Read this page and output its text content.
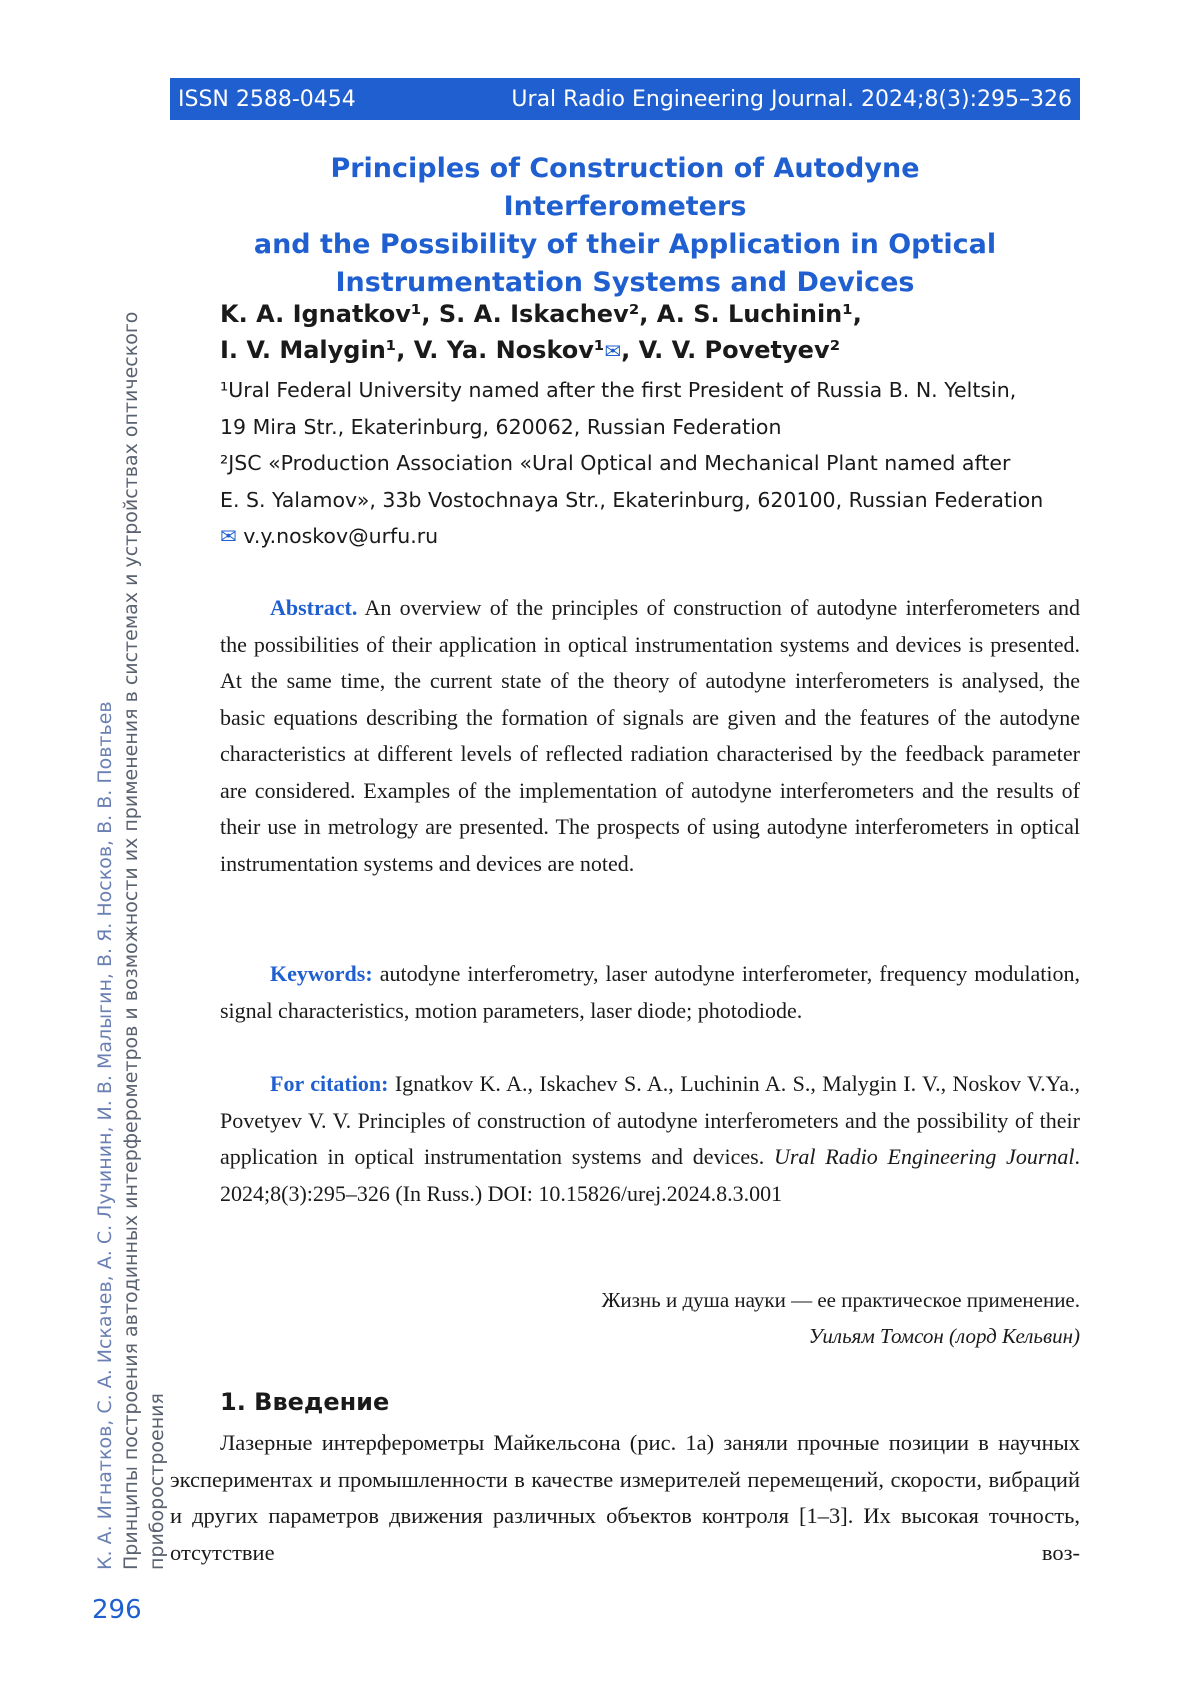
ISSN 2588-0454	Ural Radio Engineering Journal. 2024;8(3):295–326
К. А. Игнатков, С. А. Искачев, А. С. Лучинин, И. В. Малыгин, В. Я. Носков, В. В. Повтьев Принципы построения автодинных интерферометров и возможности их применения в системах и устройствах оптического приборостроения
296
Principles of Construction of Autodyne Interferometers
and the Possibility of their Application in Optical
Instrumentation Systems and Devices
K. A. Ignatkov¹, S. A. Iskachev², A. S. Luchinin¹,
I. V. Malygin¹, V. Ya. Noskov¹✉, V. V. Povetyev²
¹Ural Federal University named after the first President of Russia B. N. Yeltsin,
19 Mira Str., Ekaterinburg, 620062, Russian Federation
²JSC «Production Association «Ural Optical and Mechanical Plant named after
E. S. Yalamov», 33b Vostochnaya Str., Ekaterinburg, 620100, Russian Federation
✉ v.y.noskov@urfu.ru
Abstract. An overview of the principles of construction of autodyne interferometers and the possibilities of their application in optical instrumentation systems and devices is presented. At the same time, the current state of the theory of autodyne interferometers is analysed, the basic equations describing the formation of signals are given and the features of the autodyne characteristics at different levels of reflected radiation characterised by the feedback parameter are considered. Examples of the implementation of autodyne interferometers and the results of their use in metrology are presented. The prospects of using autodyne interferometers in optical instrumentation systems and devices are noted.
Keywords: autodyne interferometry, laser autodyne interferometer, frequency modulation, signal characteristics, motion parameters, laser diode; photodiode.
For citation: Ignatkov K. A., Iskachev S. A., Luchinin A. S., Malygin I. V., Noskov V.Ya., Povetyev V. V. Principles of construction of autodyne interferometers and the possibility of their application in optical instrumentation systems and devices. Ural Radio Engineering Journal. 2024;8(3):295–326 (In Russ.) DOI: 10.15826/urej.2024.8.3.001
Жизнь и душа науки — ее практическое применение.
Уильям Томсон (лорд Кельвин)
1. Введение
Лазерные интерферометры Майкельсона (рис. 1а) заняли прочные позиции в научных экспериментах и промышленности в качестве измерителей перемещений, скорости, вибраций и других параметров движения различных объектов контроля [1–3]. Их высокая точность, отсутствие воз-
